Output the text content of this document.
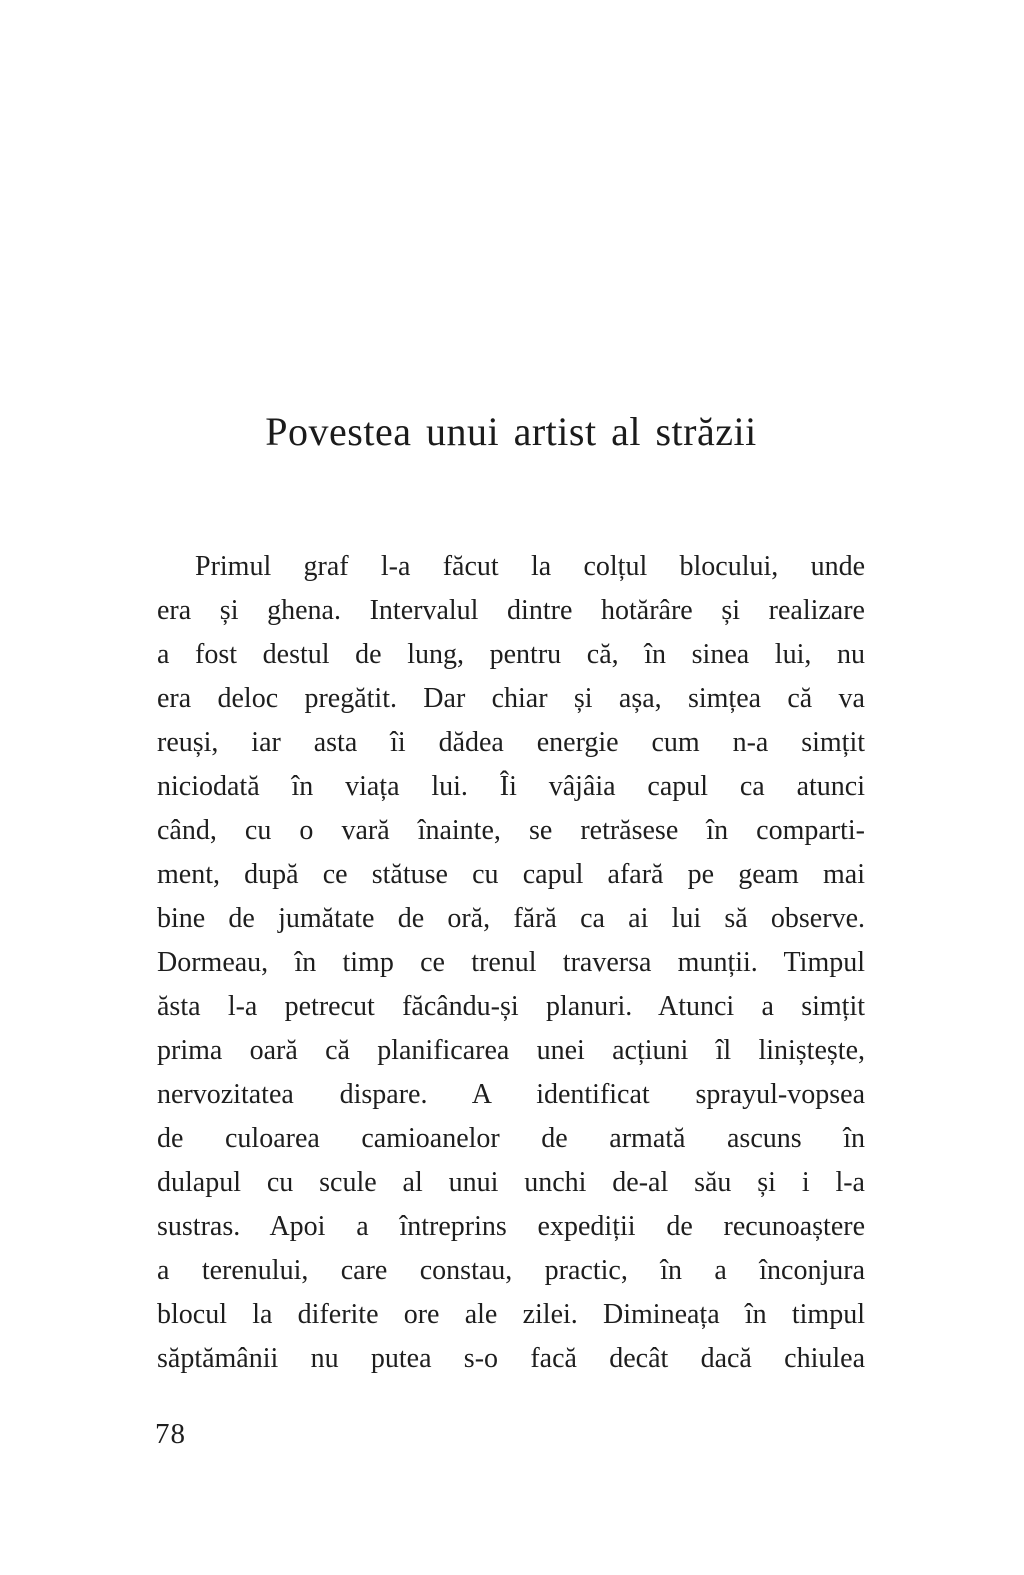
Povestea unui artist al străzii
Primul graf l-a făcut la colțul blocului, unde
era și ghena. Intervalul dintre hotărâre și realizare
a fost destul de lung, pentru că, în sinea lui, nu
era deloc pregătit. Dar chiar și așa, simțea că va
reuși, iar asta îi dădea energie cum n-a simțit
niciodată în viața lui. Îi vâjâia capul ca atunci
când, cu o vară înainte, se retrăsese în comparti-
ment, după ce stătuse cu capul afară pe geam mai
bine de jumătate de oră, fără ca ai lui să observe.
Dormeau, în timp ce trenul traversa munții. Timpul
ăsta l-a petrecut făcându-și planuri. Atunci a simțit
prima oară că planificarea unei acțiuni îl liniștește,
nervozitatea dispare. A identificat sprayul-vopsea
de culoarea camioanelor de armată ascuns în
dulapul cu scule al unui unchi de-al său și i l-a
sustras. Apoi a întreprins expediții de recunoaștere
a terenului, care constau, practic, în a înconjura
blocul la diferite ore ale zilei. Dimineața în timpul
săptămânii nu putea s-o facă decât dacă chiulea
78
